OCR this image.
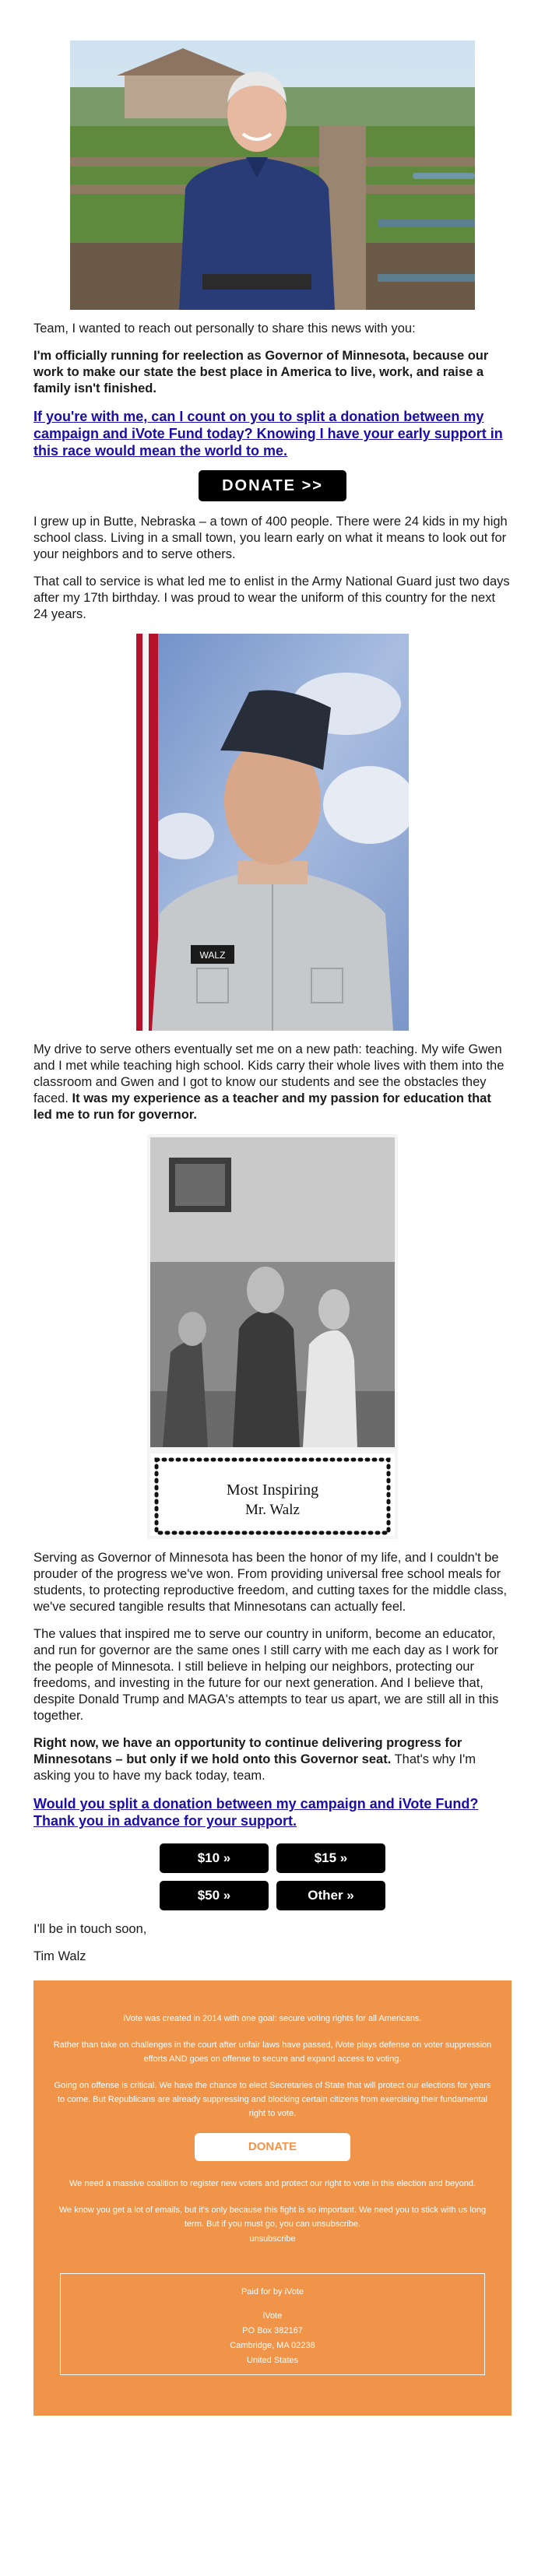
Team, I wanted to reach out personally to share this news with you:

I'm officially running for reelection as Governor of Minnesota, because our work to make our state the best place in America to live, work, and raise a family isn't finished.

If you're with me, can I count on you to split a donation between my campaign and iVote Fund today? Knowing I have your early support in this race would mean the world to me.
DONATE >>

I grew up in Butte, Nebraska – a town of 400 people. There were 24 kids in my high school class. Living in a small town, you learn early on what it means to look out for your neighbors and to serve others.

That call to service is what led me to enlist in the Army National Guard just two days after my 17th birthday. I was proud to wear the uniform of this country for the next 24 years.

WALZ

My drive to serve others eventually set me on a new path: teaching. My wife Gwen and I met while teaching high school. Kids carry their whole lives with them into the classroom and Gwen and I got to know our students and see the obstacles they faced. It was my experience as a teacher and my passion for education that led me to run for governor.

Most Inspiring
Mr. Walz

Serving as Governor of Minnesota has been the honor of my life, and I couldn't be prouder of the progress we've won. From providing universal free school meals for students, to protecting reproductive freedom, and cutting taxes for the middle class, we've secured tangible results that Minnesotans can actually feel.

The values that inspired me to serve our country in uniform, become an educator, and run for governor are the same ones I still carry with me each day as I work for the people of Minnesota. I still believe in helping our neighbors, protecting our freedoms, and investing in the future for our next generation. And I believe that, despite Donald Trump and MAGA's attempts to tear us apart, we are still all in this together.

Right now, we have an opportunity to continue delivering progress for Minnesotans – but only if we hold onto this Governor seat. That's why I'm asking you to have my back today, team.

Would you split a donation between my campaign and iVote Fund? Thank you in advance for your support.
$10 »	$15 »
$50 »	Other »

I'll be in touch soon,

Tim Walz

iVote was created in 2014 with one goal: secure voting rights for all Americans.

Rather than take on challenges in the court after unfair laws have passed, iVote plays defense on voter suppression efforts AND goes on offense to secure and expand access to voting.

Going on offense is critical. We have the chance to elect Secretaries of State that will protect our elections for years to come. But Republicans are already suppressing and blocking certain citizens from exercising their fundamental right to vote.

DONATE

We need a massive coalition to register new voters and protect our right to vote in this election and beyond.

We know you get a lot of emails, but it's only because this fight is so important. We need you to stick with us long term. But if you must go, you can unsubscribe.

unsubscribe
Paid for by iVote
iVote
PO Box 382167
Cambridge, MA 02238
United States
